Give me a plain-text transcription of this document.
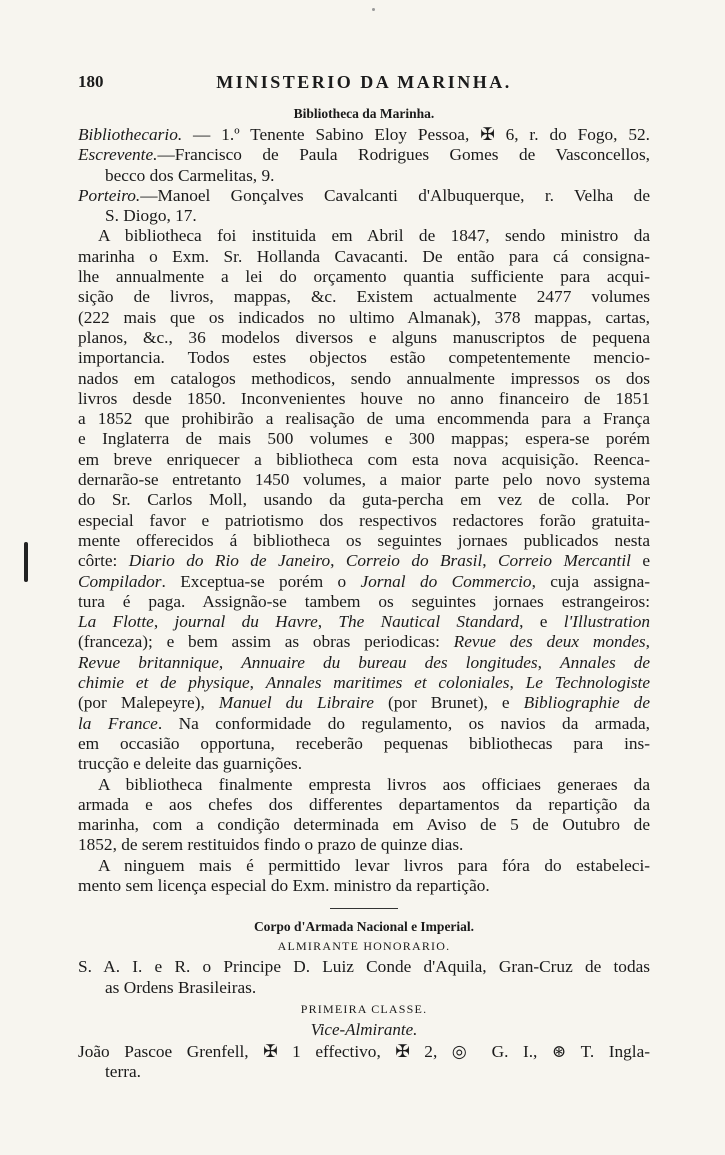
180	MINISTERIO DA MARINHA.
Bibliotheca da Marinha.
Bibliothecario. — 1.º Tenente Sabino Eloy Pessoa, ✠ 6, r. do Fogo, 52.
Escrevente.—Francisco de Paula Rodrigues Gomes de Vasconcellos,
becco dos Carmelitas, 9.
Porteiro.—Manoel Gonçalves Cavalcanti d'Albuquerque, r. Velha de
S. Diogo, 17.
A bibliotheca foi instituida em Abril de 1847, sendo ministro da
marinha o Exm. Sr. Hollanda Cavacanti. De então para cá consigna-
lhe annualmente a lei do orçamento quantia sufficiente para acqui-
sição de livros, mappas, &c. Existem actualmente 2477 volumes
(222 mais que os indicados no ultimo Almanak), 378 mappas, cartas,
planos, &c., 36 modelos diversos e alguns manuscriptos de pequena
importancia. Todos estes objectos estão competentemente mencio-
nados em catalogos methodicos, sendo annualmente impressos os dos
livros desde 1850. Inconvenientes houve no anno financeiro de 1851
a 1852 que prohibirão a realisação de uma encommenda para a França
e Inglaterra de mais 500 volumes e 300 mappas; espera-se porém
em breve enriquecer a bibliotheca com esta nova acquisição. Reenca-
dernarão-se entretanto 1450 volumes, a maior parte pelo novo systema
do Sr. Carlos Moll, usando da guta-percha em vez de colla. Por
especial favor e patriotismo dos respectivos redactores forão gratuita-
mente offerecidos á bibliotheca os seguintes jornaes publicados nesta
côrte: Diario do Rio de Janeiro, Correio do Brasil, Correio Mercantil e
Compilador. Exceptua-se porém o Jornal do Commercio, cuja assigna-
tura é paga. Assignão-se tambem os seguintes jornaes estrangeiros:
La Flotte, journal du Havre, The Nautical Standard, e l'Illustration
(franceza); e bem assim as obras periodicas: Revue des deux mondes,
Revue britannique, Annuaire du bureau des longitudes, Annales de
chimie et de physique, Annales maritimes et coloniales, Le Technologiste
(por Malepeyre), Manuel du Libraire (por Brunet), e Bibliographie de
la France. Na conformidade do regulamento, os navios da armada,
em occasião opportuna, receberão pequenas bibliothecas para ins-
trucção e deleite das guarnições.
A bibliotheca finalmente empresta livros aos officiaes generaes da
armada e aos chefes dos differentes departamentos da repartição da
marinha, com a condição determinada em Aviso de 5 de Outubro de
1852, de serem restituidos findo o prazo de quinze dias.
A ninguem mais é permittido levar livros para fóra do estabeleci-
mento sem licença especial do Exm. ministro da repartição.
Corpo d'Armada Nacional e Imperial.
ALMIRANTE HONORARIO.
S. A. I. e R. o Principe D. Luiz Conde d'Aquila, Gran-Cruz de todas
as Ordens Brasileiras.
PRIMEIRA CLASSE.
Vice-Almirante.
João Pascoe Grenfell, ✠ 1 effectivo, ✠ 2, ◎ G. I., ⊛ T. Ingla-
terra.
